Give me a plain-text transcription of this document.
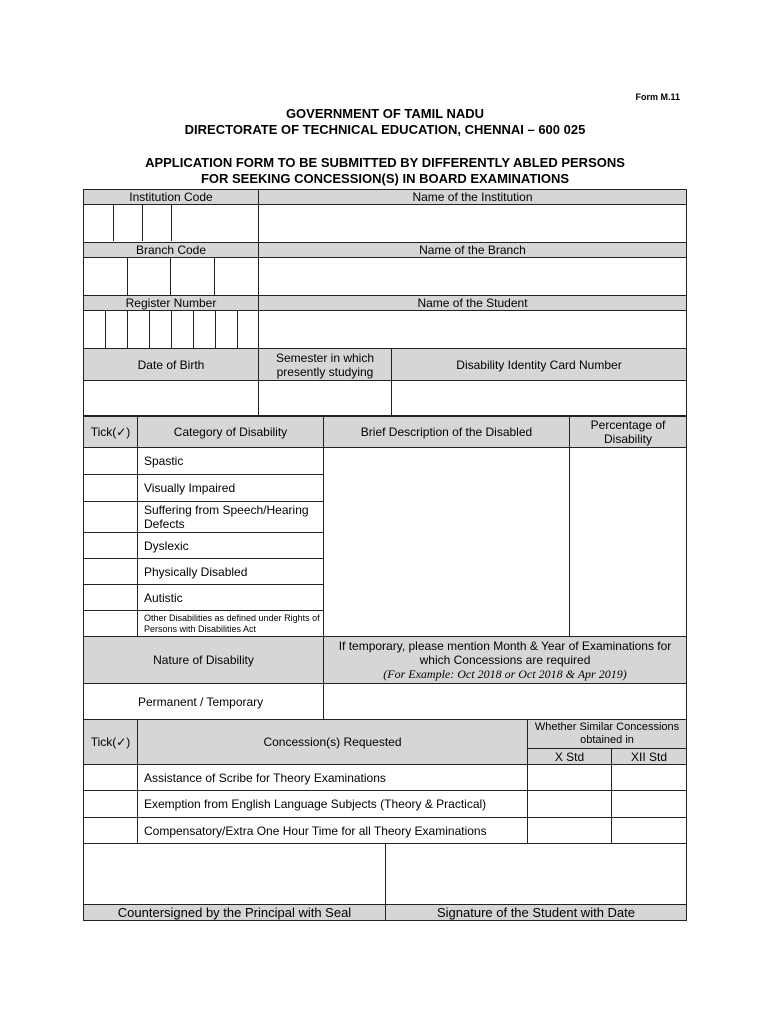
Form M.11
GOVERNMENT OF TAMIL NADU
DIRECTORATE OF TECHNICAL EDUCATION, CHENNAI – 600 025
APPLICATION FORM TO BE SUBMITTED BY DIFFERENTLY ABLED PERSONS
FOR SEEKING CONCESSION(S) IN BOARD EXAMINATIONS
Institution Code	Name of the Institution
Branch Code	Name of the Branch
Register Number	Name of the Student
Date of Birth	Semester in which presently studying	Disability Identity Card Number
Tick(✓)	Category of Disability	Brief Description of the Disabled	Percentage of Disability
Spastic
Visually Impaired
Suffering from Speech/Hearing Defects
Dyslexic
Physically Disabled
Autistic
Other Disabilities as defined under Rights of Persons with Disabilities Act
Nature of Disability
If temporary, please mention Month & Year of Examinations for which Concessions are required
(For Example: Oct 2018 or Oct 2018 & Apr 2019)
Permanent / Temporary
Tick(✓)	Concession(s) Requested
Whether Similar Concessions obtained in
X Std	XII Std
Assistance of Scribe for Theory Examinations
Exemption from English Language Subjects (Theory & Practical)
Compensatory/Extra One Hour Time for all Theory Examinations
Countersigned by the Principal with Seal	Signature of the Student with Date
